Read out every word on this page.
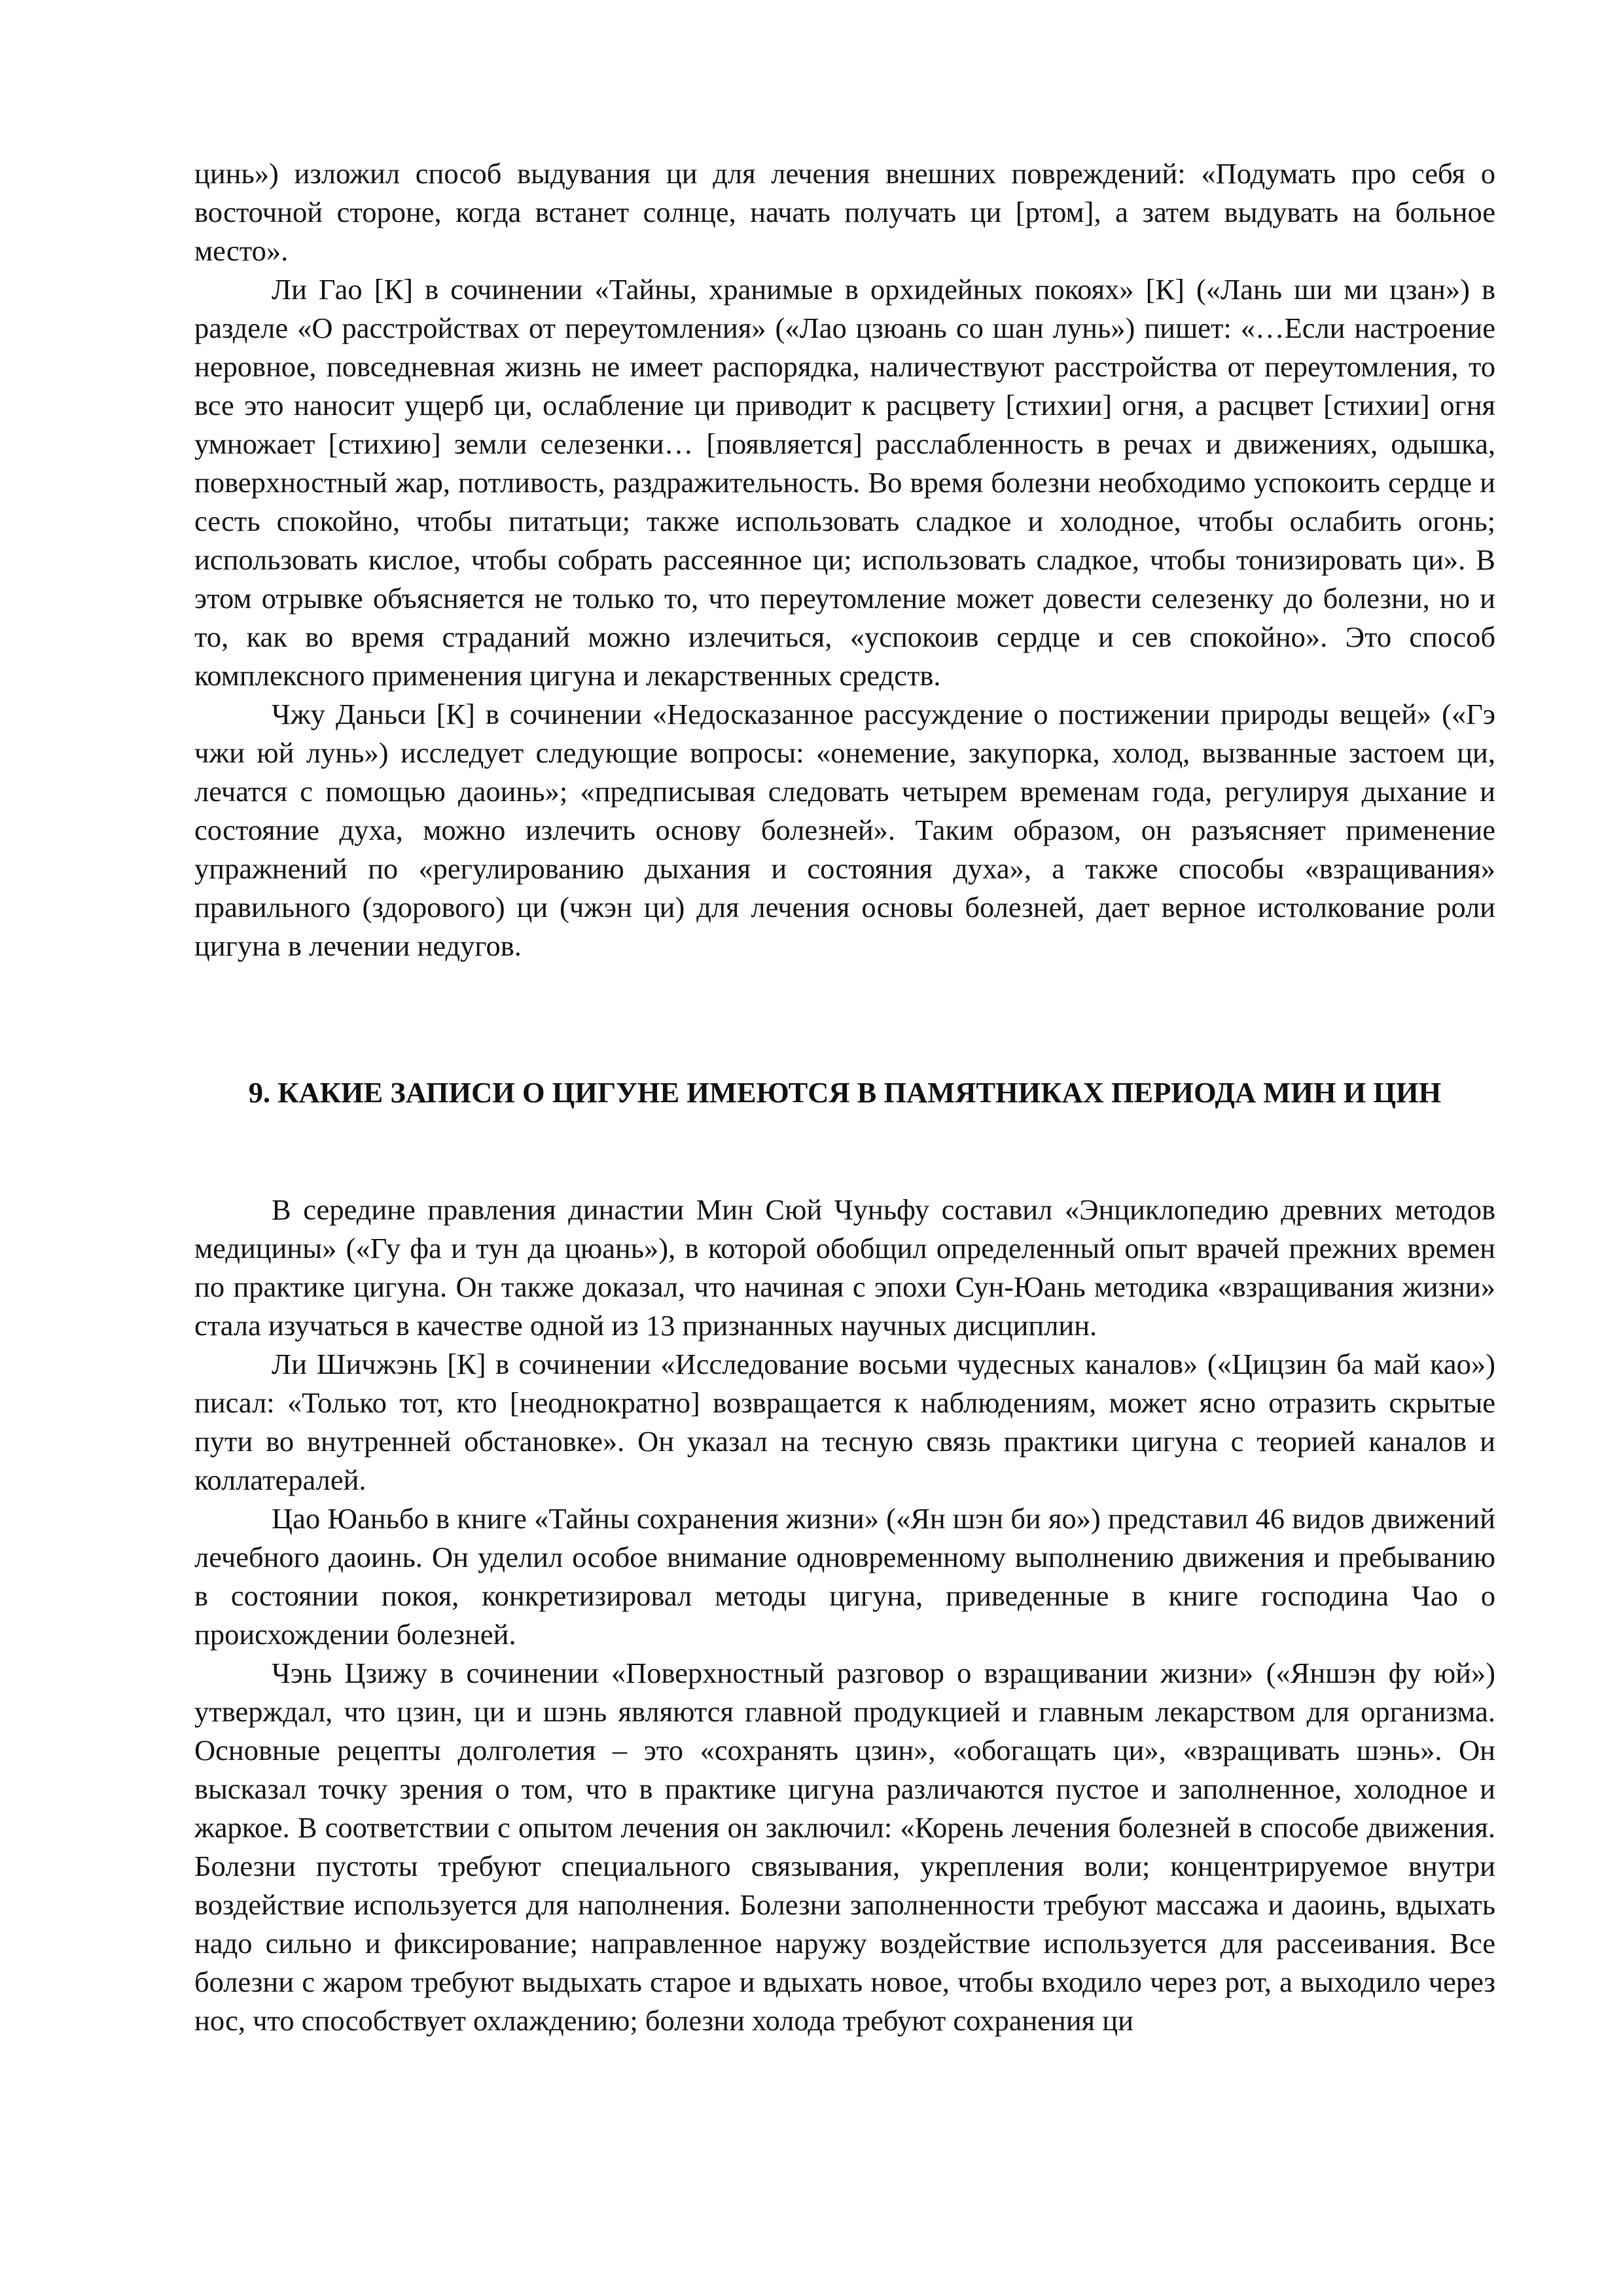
цинь») изложил способ выдувания ци для лечения внешних повреждений: «Подумать про себя о восточной стороне, когда встанет солнце, начать получать ци [ртом], а затем выдувать на больное место».

Ли Гао [К] в сочинении «Тайны, хранимые в орхидейных покоях» [К] («Лань ши ми цзан») в разделе «О расстройствах от переутомления» («Лао цзюань со шан лунь») пишет: «…Если настроение неровное, повседневная жизнь не имеет распорядка, наличествуют расстройства от переутомления, то все это наносит ущерб ци, ослабление ци приводит к расцвету [стихии] огня, а расцвет [стихии] огня умножает [стихию] земли селезенки… [появляется] расслабленность в речах и движениях, одышка, поверхностный жар, потливость, раздражительность. Во время болезни необходимо успокоить сердце и сесть спокойно, чтобы питатьци; также использовать сладкое и холодное, чтобы ослабить огонь; использовать кислое, чтобы собрать рассеянное ци; использовать сладкое, чтобы тонизировать ци». В этом отрывке объясняется не только то, что переутомление может довести селезенку до болезни, но и то, как во время страданий можно излечиться, «успокоив сердце и сев спокойно». Это способ комплексного применения цигуна и лекарственных средств.

Чжу Даньси [К] в сочинении «Недосказанное рассуждение о постижении природы вещей» («Гэ чжи юй лунь») исследует следующие вопросы: «онемение, закупорка, холод, вызванные застоем ци, лечатся с помощью даоинь»; «предписывая следовать четырем временам года, регулируя дыхание и состояние духа, можно излечить основу болезней». Таким образом, он разъясняет применение упражнений по «регулированию дыхания и состояния духа», а также способы «взращивания» правильного (здорового) ци (чжэн ци) для лечения основы болезней, дает верное истолкование роли цигуна в лечении недугов.

9. КАКИЕ ЗАПИСИ О ЦИГУНЕ ИМЕЮТСЯ В ПАМЯТНИКАХ ПЕРИОДА МИН И ЦИН

В середине правления династии Мин Сюй Чуньфу составил «Энциклопедию древних методов медицины» («Гу фа и тун да цюань»), в которой обобщил определенный опыт врачей прежних времен по практике цигуна. Он также доказал, что начиная с эпохи Сун-Юань методика «взращивания жизни» стала изучаться в качестве одной из 13 признанных научных дисциплин.

Ли Шичжэнь [К] в сочинении «Исследование восьми чудесных каналов» («Цицзин ба май као») писал: «Только тот, кто [неоднократно] возвращается к наблюдениям, может ясно отразить скрытые пути во внутренней обстановке». Он указал на тесную связь практики цигуна с теорией каналов и коллатералей.

Цао Юаньбо в книге «Тайны сохранения жизни» («Ян шэн би яо») представил 46 видов движений лечебного даоинь. Он уделил особое внимание одновременному выполнению движения и пребыванию в состоянии покоя, конкретизировал методы цигуна, приведенные в книге господина Чао о происхождении болезней.

Чэнь Цзижу в сочинении «Поверхностный разговор о взращивании жизни» («Яншэн фу юй») утверждал, что цзин, ци и шэнь являются главной продукцией и главным лекарством для организма. Основные рецепты долголетия – это «сохранять цзин», «обогащать ци», «взращивать шэнь». Он высказал точку зрения о том, что в практике цигуна различаются пустое и заполненное, холодное и жаркое. В соответствии с опытом лечения он заключил: «Корень лечения болезней в способе движения. Болезни пустоты требуют специального связывания, укрепления воли; концентрируемое внутри воздействие используется для наполнения. Болезни заполненности требуют массажа и даоинь, вдыхать надо сильно и фиксирование; направленное наружу воздействие используется для рассеивания. Все болезни с жаром требуют выдыхать старое и вдыхать новое, чтобы входило через рот, а выходило через нос, что способствует охлаждению; болезни холода требуют сохранения ци
